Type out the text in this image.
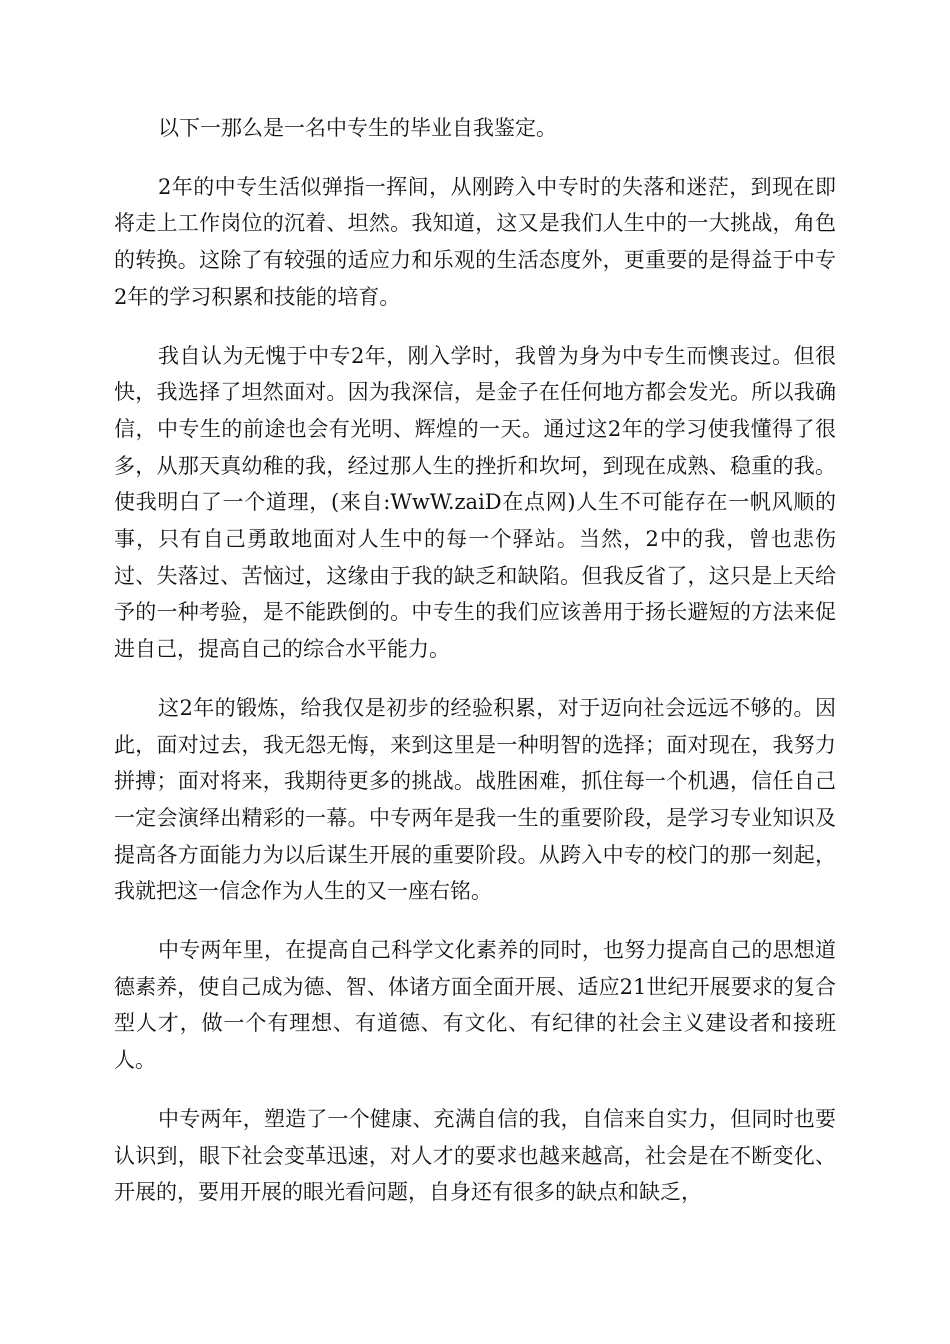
以下一那么是一名中专生的毕业自我鉴定。

2年的中专生活似弹指一挥间，从刚跨入中专时的失落和迷茫，到现在即将走上工作岗位的沉着、坦然。我知道，这又是我们人生中的一大挑战，角色的转换。这除了有较强的适应力和乐观的生活态度外，更重要的是得益于中专2年的学习积累和技能的培育。

我自认为无愧于中专2年，刚入学时，我曾为身为中专生而懊丧过。但很快，我选择了坦然面对。因为我深信，是金子在任何地方都会发光。所以我确信，中专生的前途也会有光明、辉煌的一天。通过这2年的学习使我懂得了很多，从那天真幼稚的我，经过那人生的挫折和坎坷，到现在成熟、稳重的我。使我明白了一个道理，(来自:WwW.zaiD在点网)人生不可能存在一帆风顺的事，只有自己勇敢地面对人生中的每一个驿站。当然，2中的我，曾也悲伤过、失落过、苦恼过，这缘由于我的缺乏和缺陷。但我反省了，这只是上天给予的一种考验，是不能跌倒的。中专生的我们应该善用于扬长避短的方法来促进自己，提高自己的综合水平能力。

这2年的锻炼，给我仅是初步的经验积累，对于迈向社会远远不够的。因此，面对过去，我无怨无悔，来到这里是一种明智的选择；面对现在，我努力拼搏；面对将来，我期待更多的挑战。战胜困难，抓住每一个机遇，信任自己一定会演绎出精彩的一幕。中专两年是我一生的重要阶段，是学习专业知识及提高各方面能力为以后谋生开展的重要阶段。从跨入中专的校门的那一刻起，我就把这一信念作为人生的又一座右铭。

中专两年里，在提高自己科学文化素养的同时，也努力提高自己的思想道德素养，使自己成为德、智、体诸方面全面开展、适应21世纪开展要求的复合型人才，做一个有理想、有道德、有文化、有纪律的社会主义建设者和接班人。

中专两年，塑造了一个健康、充满自信的我，自信来自实力，但同时也要认识到，眼下社会变革迅速，对人才的要求也越来越高，社会是在不断变化、开展的，要用开展的眼光看问题，自身还有很多的缺点和缺乏，
